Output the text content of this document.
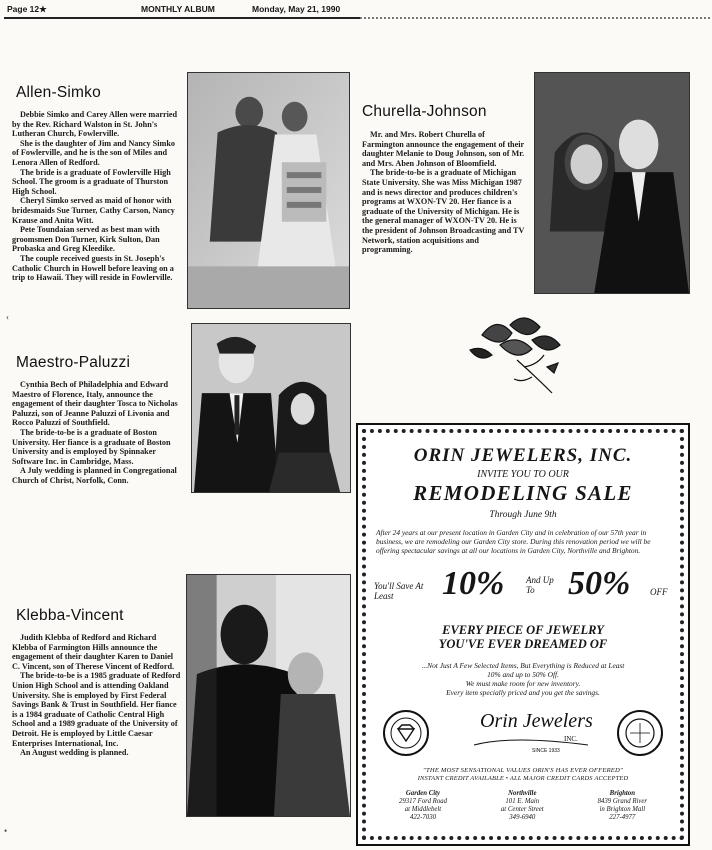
Page 12★	MONTHLY ALBUM	Monday, May 21, 1990
Allen-Simko

Debbie Simko and Carey Allen were married by the Rev. Richard Walston in St. John's Lutheran Church, Fowlerville.

She is the daughter of Jim and Nancy Simko of Fowlerville, and he is the son of Miles and Lenora Allen of Redford.

The bride is a graduate of Fowlerville High School. The groom is a graduate of Thurston High School.

Cheryl Simko served as maid of honor with bridesmaids Sue Turner, Cathy Carson, Nancy Krause and Anita Witt.

Pete Toundaian served as best man with groomsmen Don Turner, Kirk Sulton, Dan Probaska and Greg Kleedike.

The couple received guests in St. Joseph's Catholic Church in Howell before leaving on a trip to Hawaii. They will reside in Fowlerville.

Churella-Johnson

Mr. and Mrs. Robert Churella of Farmington announce the engagement of their daughter Melanie to Doug Johnson, son of Mr. and Mrs. Aben Johnson of Bloomfield.

The bride-to-be is a graduate of Michigan State University. She was Miss Michigan 1987 and is news director and produces children's programs at WXON-TV 20. Her fiance is a graduate of the University of Michigan. He is the general manager of WXON-TV 20. He is the president of Johnson Broadcasting and TV Network, station acquisitions and programming.

Maestro-Paluzzi

Cynthia Bech of Philadelphia and Edward Maestro of Florence, Italy, announce the engagement of their daughter Tosca to Nicholas Paluzzi, son of Jeanne Paluzzi of Livonia and Rocco Paluzzi of Southfield.

The bride-to-be is a graduate of Boston University. Her fiance is a graduate of Boston University and is employed by Spinnaker Software Inc. in Cambridge, Mass.

A July wedding is planned in Congregational Church of Christ, Norfolk, Conn.

Klebba-Vincent

Judith Klebba of Redford and Richard Klebba of Farmington Hills announce the engagement of their daughter Karen to Daniel C. Vincent, son of Therese Vincent of Redford.

The bride-to-be is a 1985 graduate of Redford Union High School and is attending Oakland University. She is employed by First Federal Savings Bank & Trust in Southfield. Her fiance is a 1984 graduate of Catholic Central High School and a 1989 graduate of the University of Detroit. He is employed by Little Caesar Enterprises International, Inc.

An August wedding is planned.

ORIN JEWELERS, INC.
INVITE YOU TO OUR
REMODELING SALE
Through June 9th
After 24 years at our present location in Garden City and in celebration of our 57th year in business, we are remodeling our Garden City store. During this renovation period we will be offering spectacular savings at all our locations in Garden City, Northville and Brighton.
You'll Save At Least	10% And Up To 50% OFF
EVERY PIECE OF JEWELRY
YOU'VE EVER DREAMED OF
...Not Just A Few Selected Items, But Everything is Reduced at Least
10% and up to 50% Off.
We must make room for new inventory.
Every item specially priced and you get the savings.
Orin Jewelers
INC.
SINCE 1933
"THE MOST SENSATIONAL VALUES ORIN'S HAS EVER OFFERED"
INSTANT CREDIT AVAILABLE • ALL MAJOR CREDIT CARDS ACCEPTED
Garden City
29317 Ford Road
at Middlebelt
422-7030
Northville
101 E. Main
at Center Street
349-6940
Brighton
8439 Grand River
in Brighton Mall
227-4977
‹
•
